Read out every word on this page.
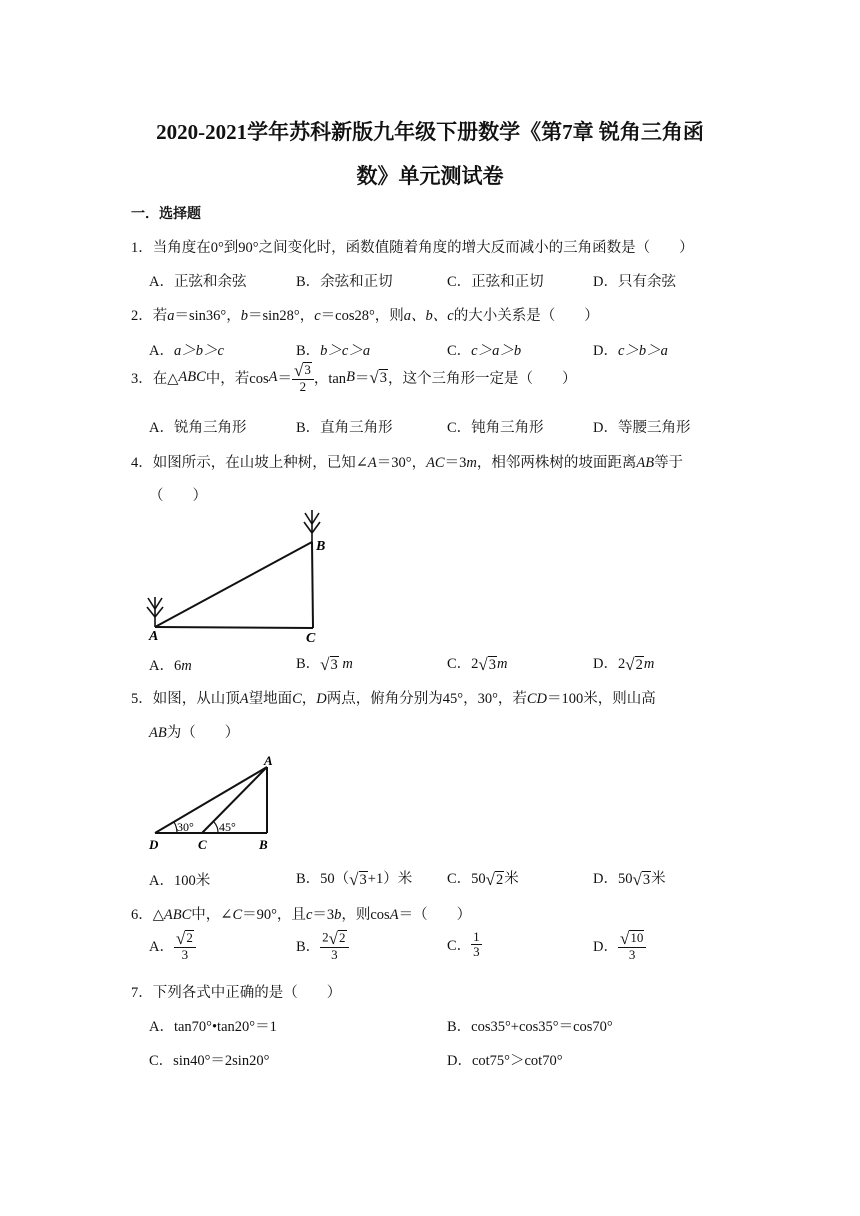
2020-2021学年苏科新版九年级下册数学《第7章 锐角三角函
数》单元测试卷
一．选择题
1．当角度在0°到90°之间变化时，函数值随着角度的增大反而减小的三角函数是（　　）
A．正弦和余弦	B．余弦和正切	C．正弦和正切	D．只有余弦
2．若a＝sin36°，b＝sin28°，c＝cos28°，则a、b、c的大小关系是（　　）
A．a＞b＞c	B．b＞c＞a	C．c＞a＞b	D．c＞b＞a
3．在△ ABC 中，若$\cos A = \frac{√ 3}{2}$ ，tan B ＝ √ 3 ，这个三角形一定是（　　）
A．锐角三角形	B．直角三角形	C．钝角三角形	D．等腰三角形
4．如图所示，在山坡上种树，已知∠A＝30°，AC＝3m，相邻两株树的坡面距离AB等于
（　　）
A
B
C
A．6m	B． √ 3 m	C．2 √ 3 m	D．2 √ 2 m
5．如图，从山顶A望地面C，D两点，俯角分别为45°，30°，若CD＝100米，则山高
AB为（　　）
A
B
C
D
30° 45°
A．100米	B．50（ √ 3 +1）米 C．50 √ 2 米	D．50 √ 3 米
6．△ABC中，∠C＝90°，且c＝3b，则cosA＝（　　）
A． $\frac{√ 2}{3}$	B． $\frac{2 √ 2}{3}$	C． $\frac{1}{3}$	D． $\frac{√ 10}{3}$
7．下列各式中正确的是（　　）
A．tan70°•tan20°＝1	B．cos35°+cos35°＝cos70°
C．sin40°＝2sin20°	D．cot75°＞cot70°
